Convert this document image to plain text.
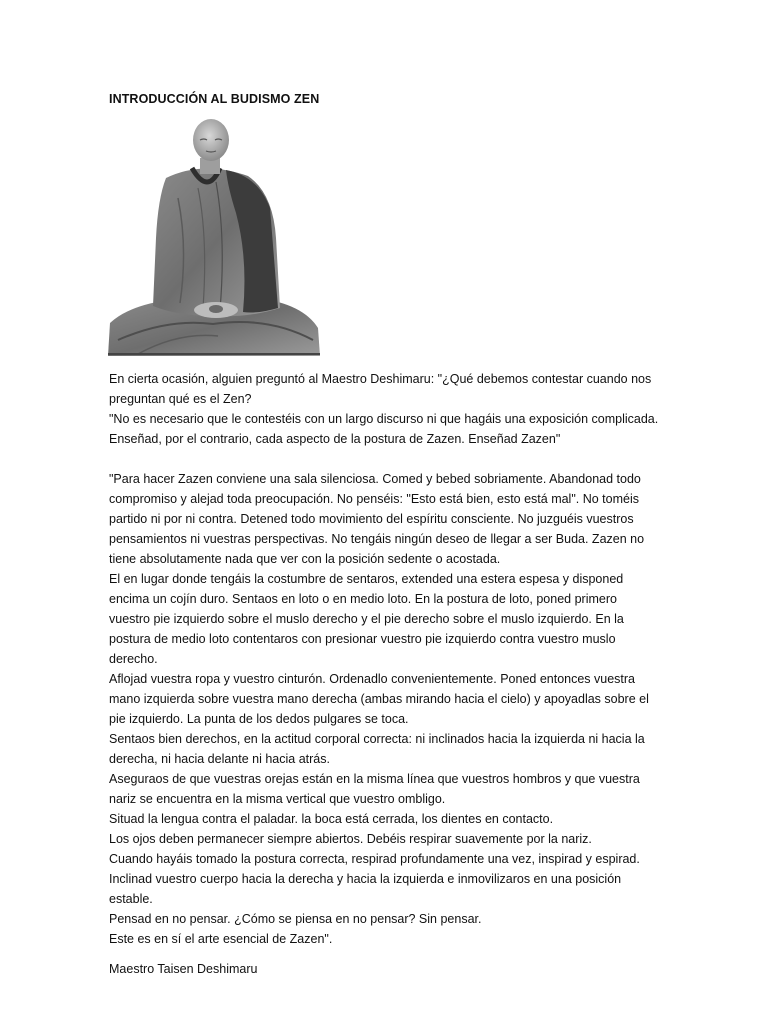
INTRODUCCIÓN AL BUDISMO ZEN

En cierta ocasión, alguien preguntó al Maestro Deshimaru: "¿Qué debemos contestar cuando nos preguntan qué es el Zen?

"No es necesario que le contestéis con un largo discurso ni que hagáis una exposición complicada. Enseñad, por el contrario, cada aspecto de la postura de Zazen. Enseñad Zazen"

"Para hacer Zazen conviene una sala silenciosa. Comed y bebed sobriamente. Abandonad todo compromiso y alejad toda preocupación. No penséis: "Esto está bien, esto está mal". No toméis partido ni por ni contra. Detened todo movimiento del espíritu consciente. No juzguéis vuestros pensamientos ni vuestras perspectivas. No tengáis ningún deseo de llegar a ser Buda. Zazen no tiene absolutamente nada que ver con la posición sedente o acostada.

El en lugar donde tengáis la costumbre de sentaros, extended una estera espesa y disponed encima un cojín duro. Sentaos en loto o en medio loto. En la postura de loto, poned primero vuestro pie izquierdo sobre el muslo derecho y el pie derecho sobre el muslo izquierdo. En la postura de medio loto contentaros con presionar vuestro pie izquierdo contra vuestro muslo derecho.

Aflojad vuestra ropa y vuestro cinturón. Ordenadlo convenientemente. Poned entonces vuestra mano izquierda sobre vuestra mano derecha (ambas mirando hacia el cielo) y apoyadlas sobre el pie izquierdo. La punta de los dedos pulgares se toca.

Sentaos bien derechos, en la actitud corporal correcta: ni inclinados hacia la izquierda ni hacia la derecha, ni hacia delante ni hacia atrás.

Aseguraos de que vuestras orejas están en la misma línea que vuestros hombros y que vuestra nariz se encuentra en la misma vertical que vuestro ombligo.

Situad la lengua contra el paladar. la boca está cerrada, los dientes en contacto.

Los ojos deben permanecer siempre abiertos. Debéis respirar suavemente por la nariz.

Cuando hayáis tomado la postura correcta, respirad profundamente una vez, inspirad y espirad. Inclinad vuestro cuerpo hacia la derecha y hacia la izquierda e inmovilizaros en una posición estable.

Pensad en no pensar. ¿Cómo se piensa en no pensar? Sin pensar.

Este es en sí el arte esencial de Zazen".

Maestro Taisen Deshimaru
